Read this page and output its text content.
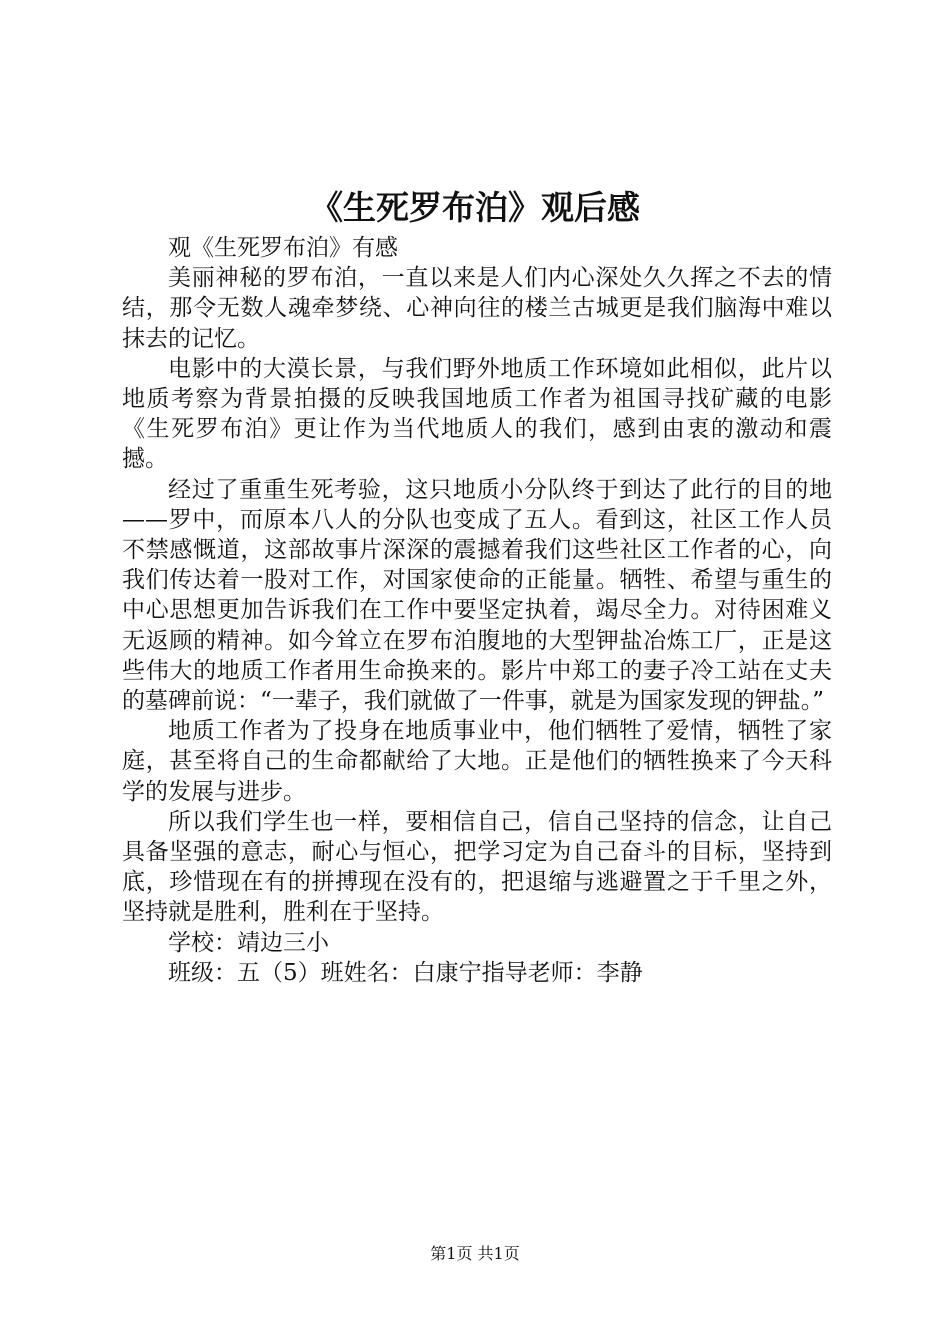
《生死罗布泊》观后感

观《生死罗布泊》有感

美丽神秘的罗布泊，一直以来是人们内心深处久久挥之不去的情结，那令无数人魂牵梦绕、心神向往的楼兰古城更是我们脑海中难以抹去的记忆。

电影中的大漠长景，与我们野外地质工作环境如此相似，此片以地质考察为背景拍摄的反映我国地质工作者为祖国寻找矿藏的电影《生死罗布泊》更让作为当代地质人的我们，感到由衷的激动和震撼。

经过了重重生死考验，这只地质小分队终于到达了此行的目的地——罗中，而原本八人的分队也变成了五人。看到这，社区工作人员不禁感慨道，这部故事片深深的震撼着我们这些社区工作者的心，向我们传达着一股对工作，对国家使命的正能量。牺牲、希望与重生的中心思想更加告诉我们在工作中要坚定执着，竭尽全力。对待困难义无返顾的精神。如今耸立在罗布泊腹地的大型钾盐冶炼工厂，正是这些伟大的地质工作者用生命换来的。影片中郑工的妻子冷工站在丈夫的墓碑前说：“一辈子，我们就做了一件事，就是为国家发现的钾盐。”

地质工作者为了投身在地质事业中，他们牺牲了爱情，牺牲了家庭，甚至将自己的生命都献给了大地。正是他们的牺牲换来了今天科学的发展与进步。

所以我们学生也一样，要相信自己，信自己坚持的信念，让自己具备坚强的意志，耐心与恒心，把学习定为自己奋斗的目标，坚持到底，珍惜现在有的拼搏现在没有的，把退缩与逃避置之于千里之外，坚持就是胜利，胜利在于坚持。

学校：靖边三小

班级：五（5）班姓名：白康宁指导老师：李静

第1页 共1页
